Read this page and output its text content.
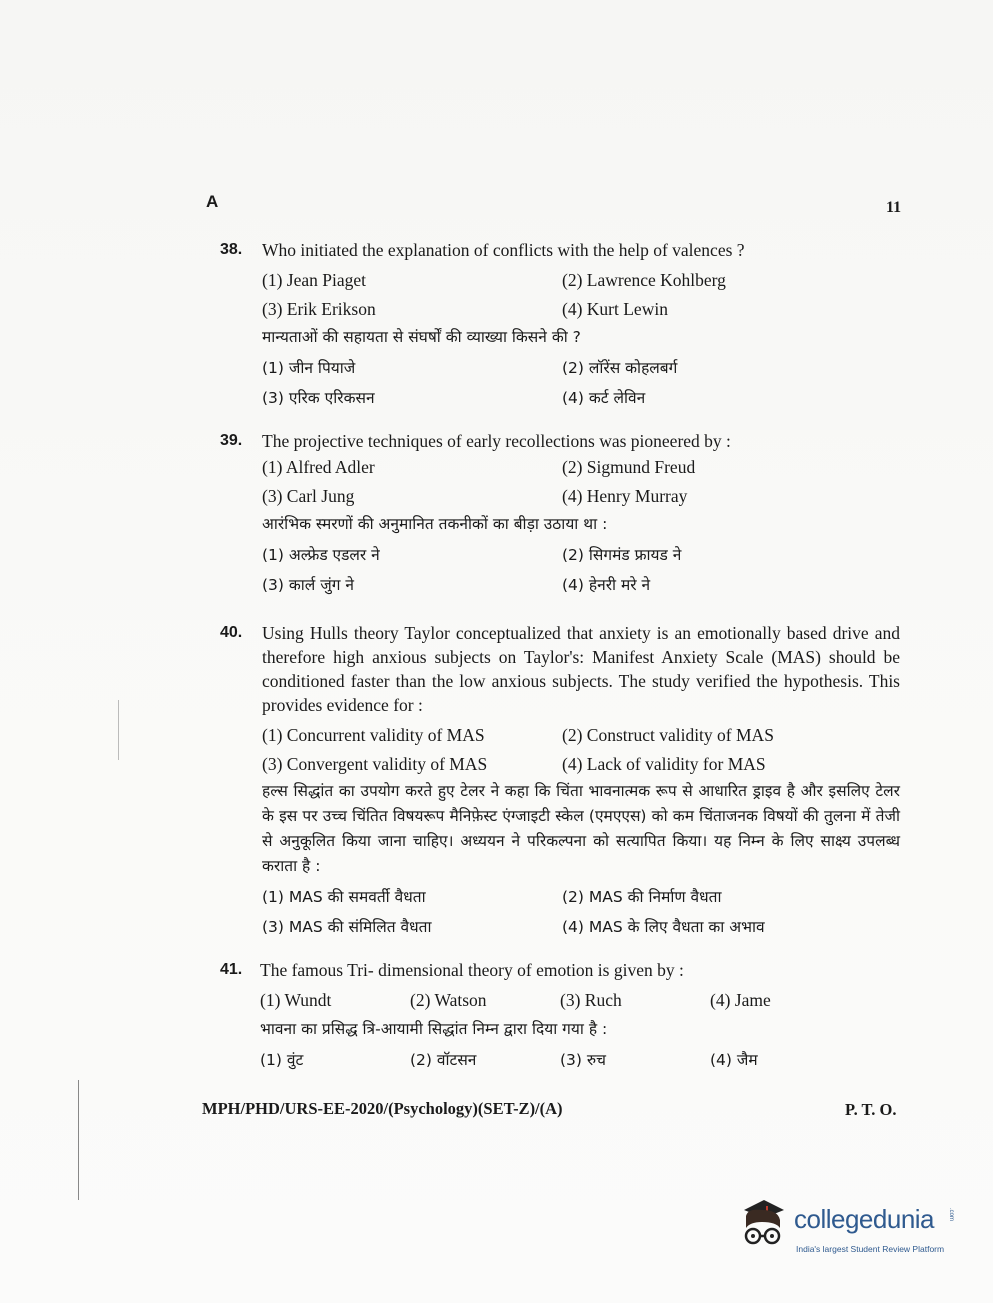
A	11
38. Who initiated the explanation of conflicts with the help of valences ?
(1) Jean Piaget	(2) Lawrence Kohlberg
(3) Erik Erikson	(4) Kurt Lewin
मान्यताओं की सहायता से संघर्षों की व्याख्या किसने की ?
(1) जीन पियाजे	(2) लॉरेंस कोहलबर्ग
(3) एरिक एरिकसन	(4) कर्ट लेविन
39. The projective techniques of early recollections was pioneered by :
(1) Alfred Adler	(2) Sigmund Freud
(3) Carl Jung	(4) Henry Murray
आरंभिक स्मरणों की अनुमानित तकनीकों का बीड़ा उठाया था :
(1) अल्फ्रेड एडलर ने	(2) सिगमंड फ्रायड ने
(3) कार्ल जुंग ने	(4) हेनरी मरे ने
40. Using Hulls theory Taylor conceptualized that anxiety is an emotionally based drive and therefore high anxious subjects on Taylor's: Manifest Anxiety Scale (MAS) should be conditioned faster than the low anxious subjects. The study verified the hypothesis. This provides evidence for :
(1) Concurrent validity of MAS	(2) Construct validity of MAS
(3) Convergent validity of MAS	(4) Lack of validity for MAS
हल्स सिद्धांत का उपयोग करते हुए टेलर ने कहा कि चिंता भावनात्मक रूप से आधारित ड्राइव है और इसलिए टेलर के इस पर उच्च चिंतित विषयरूप मैनिफ़ेस्ट एंग्जाइटी स्केल (एमएएस) को कम चिंताजनक विषयों की तुलना में तेजी से अनुकूलित किया जाना चाहिए। अध्ययन ने परिकल्पना को सत्यापित किया। यह निम्न के लिए साक्ष्य उपलब्ध कराता है :
(1) MAS की समवर्ती वैधता	(2) MAS की निर्माण वैधता
(3) MAS की संमिलित वैधता	(4) MAS के लिए वैधता का अभाव
41. The famous Tri- dimensional theory of emotion is given by :
(1) Wundt	(2) Watson	(3) Ruch	(4) Jame
भावना का प्रसिद्ध त्रि-आयामी सिद्धांत निम्न द्वारा दिया गया है :
(1) वुंट	(2) वॉटसन	(3) रुच	(4) जैम
MPH/PHD/URS-EE-2020/(Psychology)(SET-Z)/(A)	P. T. O.
collegedunia .com
India's largest Student Review Platform
